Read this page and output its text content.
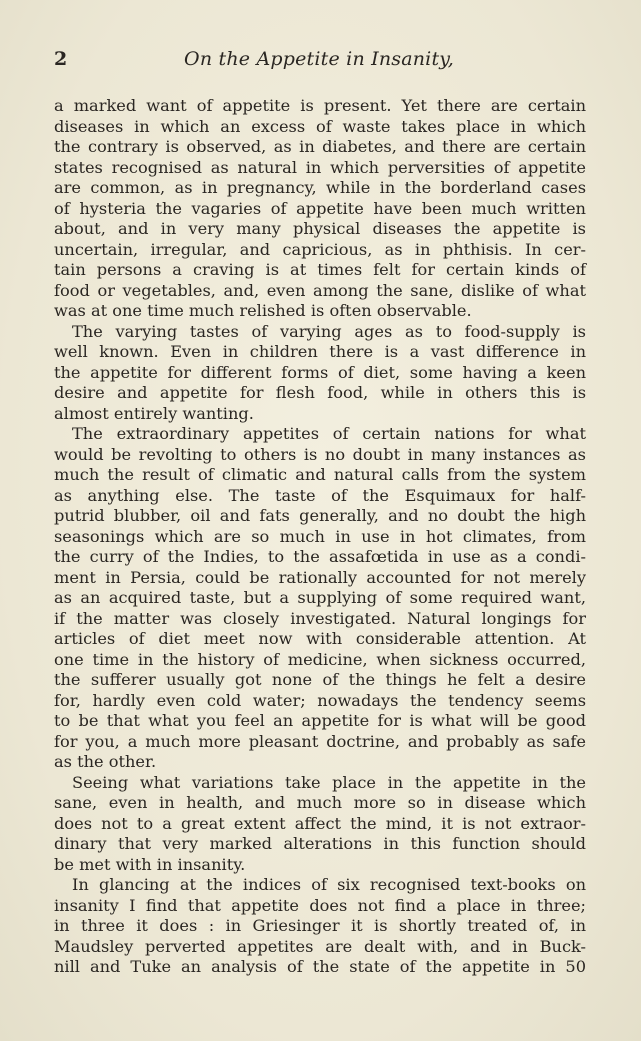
2	On the Appetite in Insanity,
a marked want of appetite is present. Yet there are certain
diseases in which an excess of waste takes place in which
the contrary is observed, as in diabetes, and there are certain
states recognised as natural in which perversities of appetite
are common, as in pregnancy, while in the borderland cases
of hysteria the vagaries of appetite have been much written
about, and in very many physical diseases the appetite is
uncertain, irregular, and capricious, as in phthisis. In cer-
tain persons a craving is at times felt for certain kinds of
food or vegetables, and, even among the sane, dislike of what
was at one time much relished is often observable.
The varying tastes of varying ages as to food-supply is
well known. Even in children there is a vast difference in
the appetite for different forms of diet, some having a keen
desire and appetite for flesh food, while in others this is
almost entirely wanting.
The extraordinary appetites of certain nations for what
would be revolting to others is no doubt in many instances as
much the result of climatic and natural calls from the system
as anything else. The taste of the Esquimaux for half-
putrid blubber, oil and fats generally, and no doubt the high
seasonings which are so much in use in hot climates, from
the curry of the Indies, to the assafœtida in use as a condi-
ment in Persia, could be rationally accounted for not merely
as an acquired taste, but a supplying of some required want,
if the matter was closely investigated. Natural longings for
articles of diet meet now with considerable attention. At
one time in the history of medicine, when sickness occurred,
the sufferer usually got none of the things he felt a desire
for, hardly even cold water; nowadays the tendency seems
to be that what you feel an appetite for is what will be good
for you, a much more pleasant doctrine, and probably as safe
as the other.
Seeing what variations take place in the appetite in the
sane, even in health, and much more so in disease which
does not to a great extent affect the mind, it is not extraor-
dinary that very marked alterations in this function should
be met with in insanity.
In glancing at the indices of six recognised text-books on
insanity I find that appetite does not find a place in three;
in three it does : in Griesinger it is shortly treated of, in
Maudsley perverted appetites are dealt with, and in Buck-
nill and Tuke an analysis of the state of the appetite in 50
